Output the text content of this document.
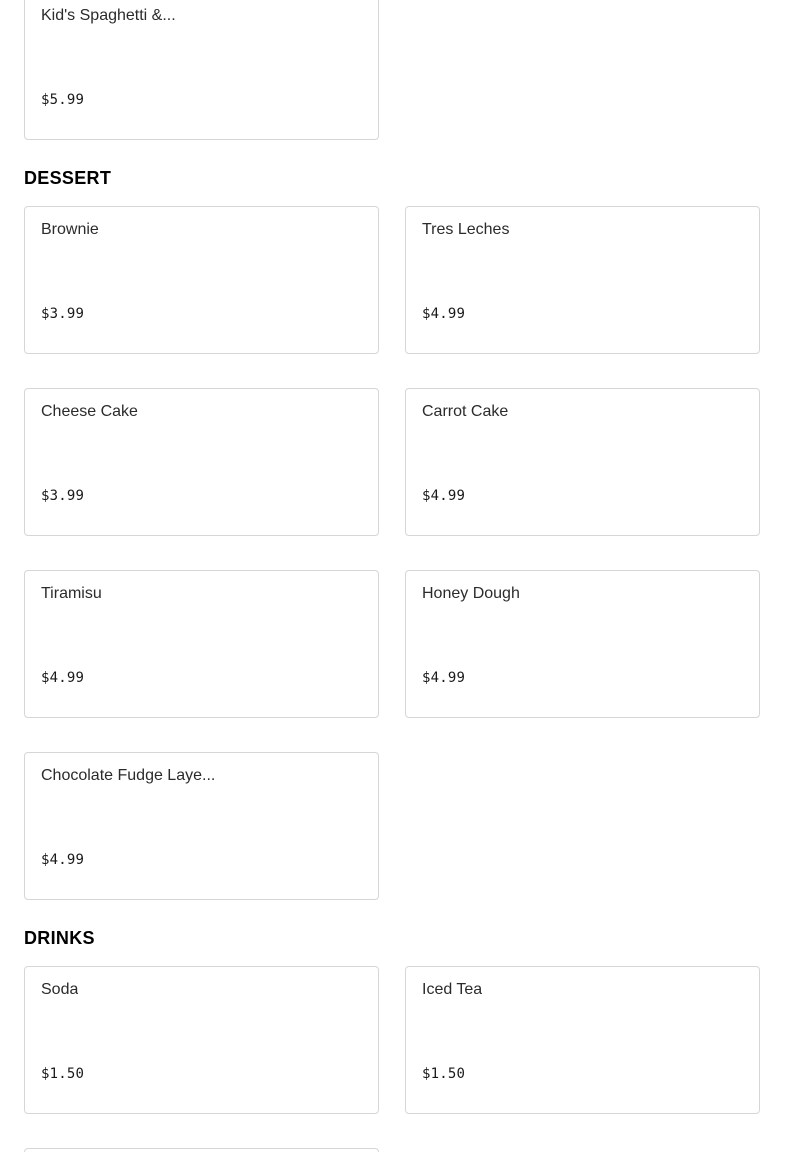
Kid's Spaghetti &...
$5.99
DESSERT
Brownie
$3.99
Tres Leches
$4.99
Cheese Cake
$3.99
Carrot Cake
$4.99
Tiramisu
$4.99
Honey Dough
$4.99
Chocolate Fudge Laye...
$4.99
DRINKS
Soda
$1.50
Iced Tea
$1.50
